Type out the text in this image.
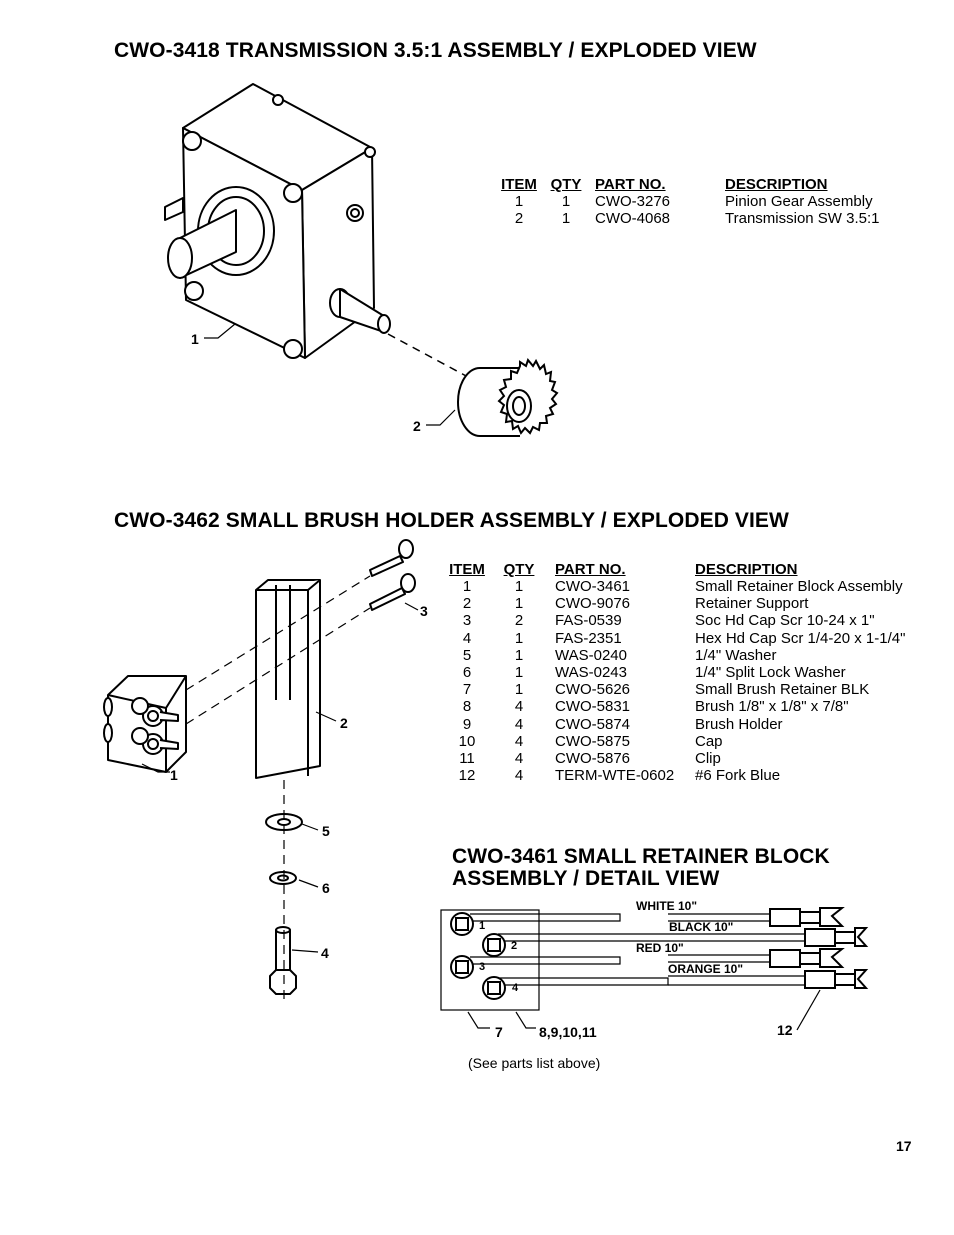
CWO-3418 TRANSMISSION 3.5:1 ASSEMBLY / EXPLODED VIEW
1
2
ITEM	QTY	PART NO.	DESCRIPTION
1	1	CWO-3276	Pinion Gear Assembly
2	1	CWO-4068	Transmission SW 3.5:1
CWO-3462 SMALL BRUSH HOLDER ASSEMBLY / EXPLODED VIEW
3
2
1
5
6
4
ITEM	QTY	PART NO.	DESCRIPTION
1	1	CWO-3461	Small Retainer Block Assembly
2	1	CWO-9076	Retainer Support
3	2	FAS-0539	Soc Hd Cap Scr 10-24 x 1"
4	1	FAS-2351	Hex Hd Cap Scr 1/4-20 x 1-1/4"
5	1	WAS-0240	1/4" Washer
6	1	WAS-0243	1/4" Split Lock Washer
7	1	CWO-5626	Small Brush Retainer BLK
8	4	CWO-5831	Brush 1/8" x 1/8" x 7/8"
9	4	CWO-5874	Brush Holder
10	4	CWO-5875	Cap
11	4	CWO-5876	Clip
12	4	TERM-WTE-0602	#6 Fork Blue
CWO-3461 SMALL RETAINER BLOCK
ASSEMBLY / DETAIL VIEW
WHITE 10"
BLACK 10"
RED 10"
ORANGE 10"
1
2
3
4
7	8,9,10,11	12
(See parts list above)
17
